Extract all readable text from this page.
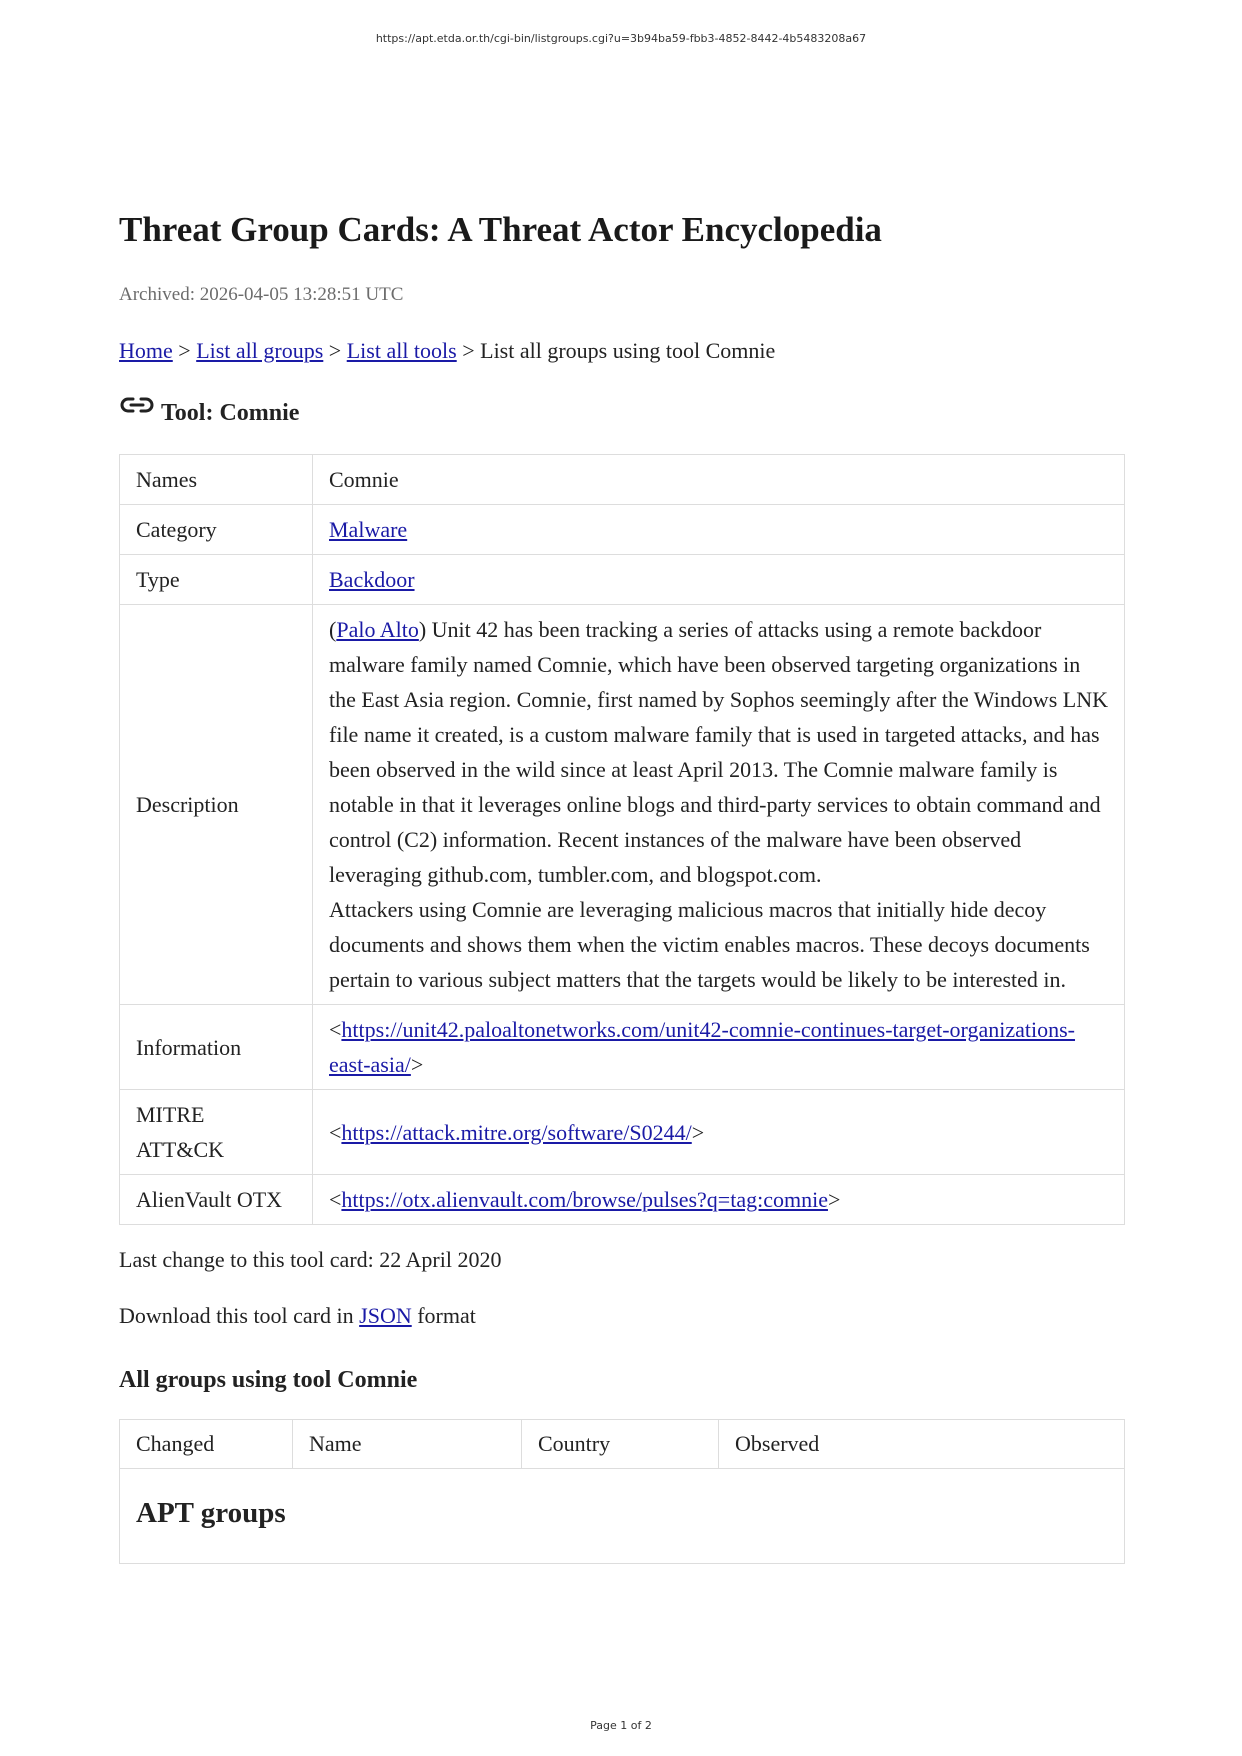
https://apt.etda.or.th/cgi-bin/listgroups.cgi?u=3b94ba59-fbb3-4852-8442-4b5483208a67
Threat Group Cards: A Threat Actor Encyclopedia
Archived: 2026-04-05 13:28:51 UTC
Home > List all groups > List all tools > List all groups using tool Comnie
Tool: Comnie
Names	Comnie
Category	Malware
Type	Backdoor
Description	(Palo Alto) Unit 42 has been tracking a series of attacks using a remote backdoor malware family named Comnie, which have been observed targeting organizations in the East Asia region. Comnie, first named by Sophos seemingly after the Windows LNK file name it created, is a custom malware family that is used in targeted attacks, and has been observed in the wild since at least April 2013. The Comnie malware family is notable in that it leverages online blogs and third-party services to obtain command and control (C2) information. Recent instances of the malware have been observed leveraging github.com, tumbler.com, and blogspot.com.

Attackers using Comnie are leveraging malicious macros that initially hide decoy documents and shows them when the victim enables macros. These decoys documents pertain to various subject matters that the targets would be likely to be interested in.

Information	<https://unit42.paloaltonetworks.com/unit42-comnie-continues-target-organizations-east-asia/>
MITRE ATT&CK	<https://attack.mitre.org/software/S0244/>
AlienVault OTX	<https://otx.alienvault.com/browse/pulses?q=tag:comnie>
Last change to this tool card: 22 April 2020
Download this tool card in JSON format
All groups using tool Comnie
Changed	Name	Country	Observed

APT groups
Page 1 of 2
